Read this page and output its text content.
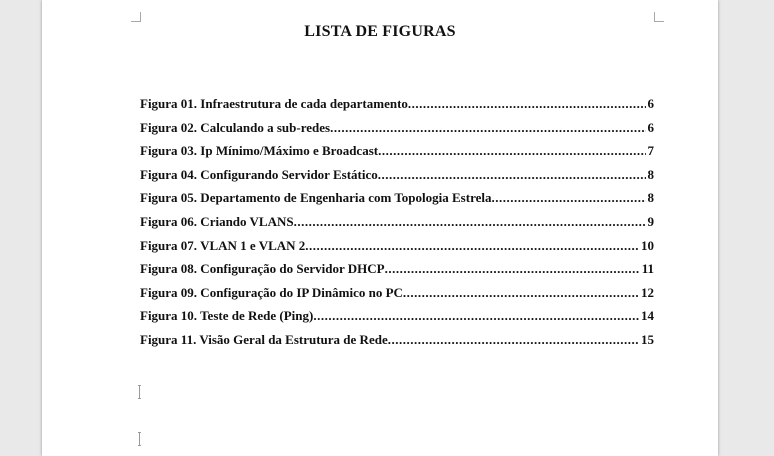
LISTA DE FIGURAS
Figura 01. Infraestrutura de cada departamento .....	6
Figura 02. Calculando a sub-redes .....	6
Figura 03. Ip Mínimo/Máximo e Broadcast .....	7
Figura 04. Configurando Servidor Estático .....	8
Figura 05. Departamento de Engenharia com Topologia Estrela .....	8
Figura 06. Criando VLANS .....	9
Figura 07. VLAN 1 e VLAN 2 .....	10
Figura 08. Configuração do Servidor DHCP .....	11
Figura 09. Configuração do IP Dinâmico no PC .....	12
Figura 10. Teste de Rede (Ping) .....	14
Figura 11. Visão Geral da Estrutura de Rede .....	15
